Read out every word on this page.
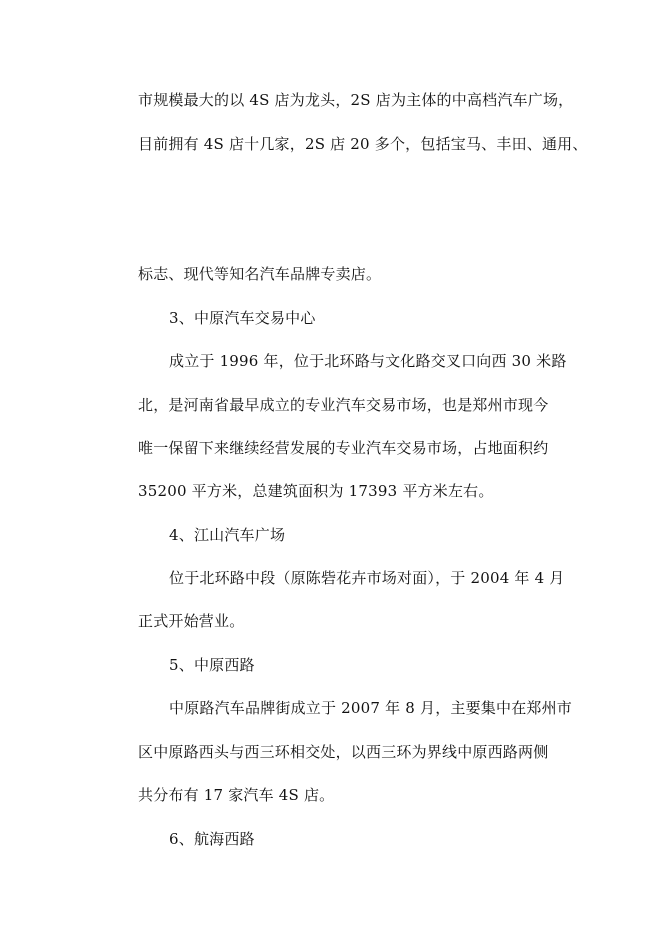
市规模最大的以 4S 店为龙头，2S 店为主体的中高档汽车广场，
目前拥有 4S 店十几家，2S 店 20 多个，包括宝马、丰田、通用、
标志、现代等知名汽车品牌专卖店。
3、中原汽车交易中心
成立于 1996 年，位于北环路与文化路交叉口向西 30 米路
北，是河南省最早成立的专业汽车交易市场，也是郑州市现今
唯一保留下来继续经营发展的专业汽车交易市场，占地面积约
35200 平方米，总建筑面积为 17393 平方米左右。
4、江山汽车广场
位于北环路中段（原陈砦花卉市场对面），于 2004 年 4 月
正式开始营业。
5、中原西路
中原路汽车品牌街成立于 2007 年 8 月，主要集中在郑州市
区中原路西头与西三环相交处，以西三环为界线中原西路两侧
共分布有 17 家汽车 4S 店。
6、航海西路
